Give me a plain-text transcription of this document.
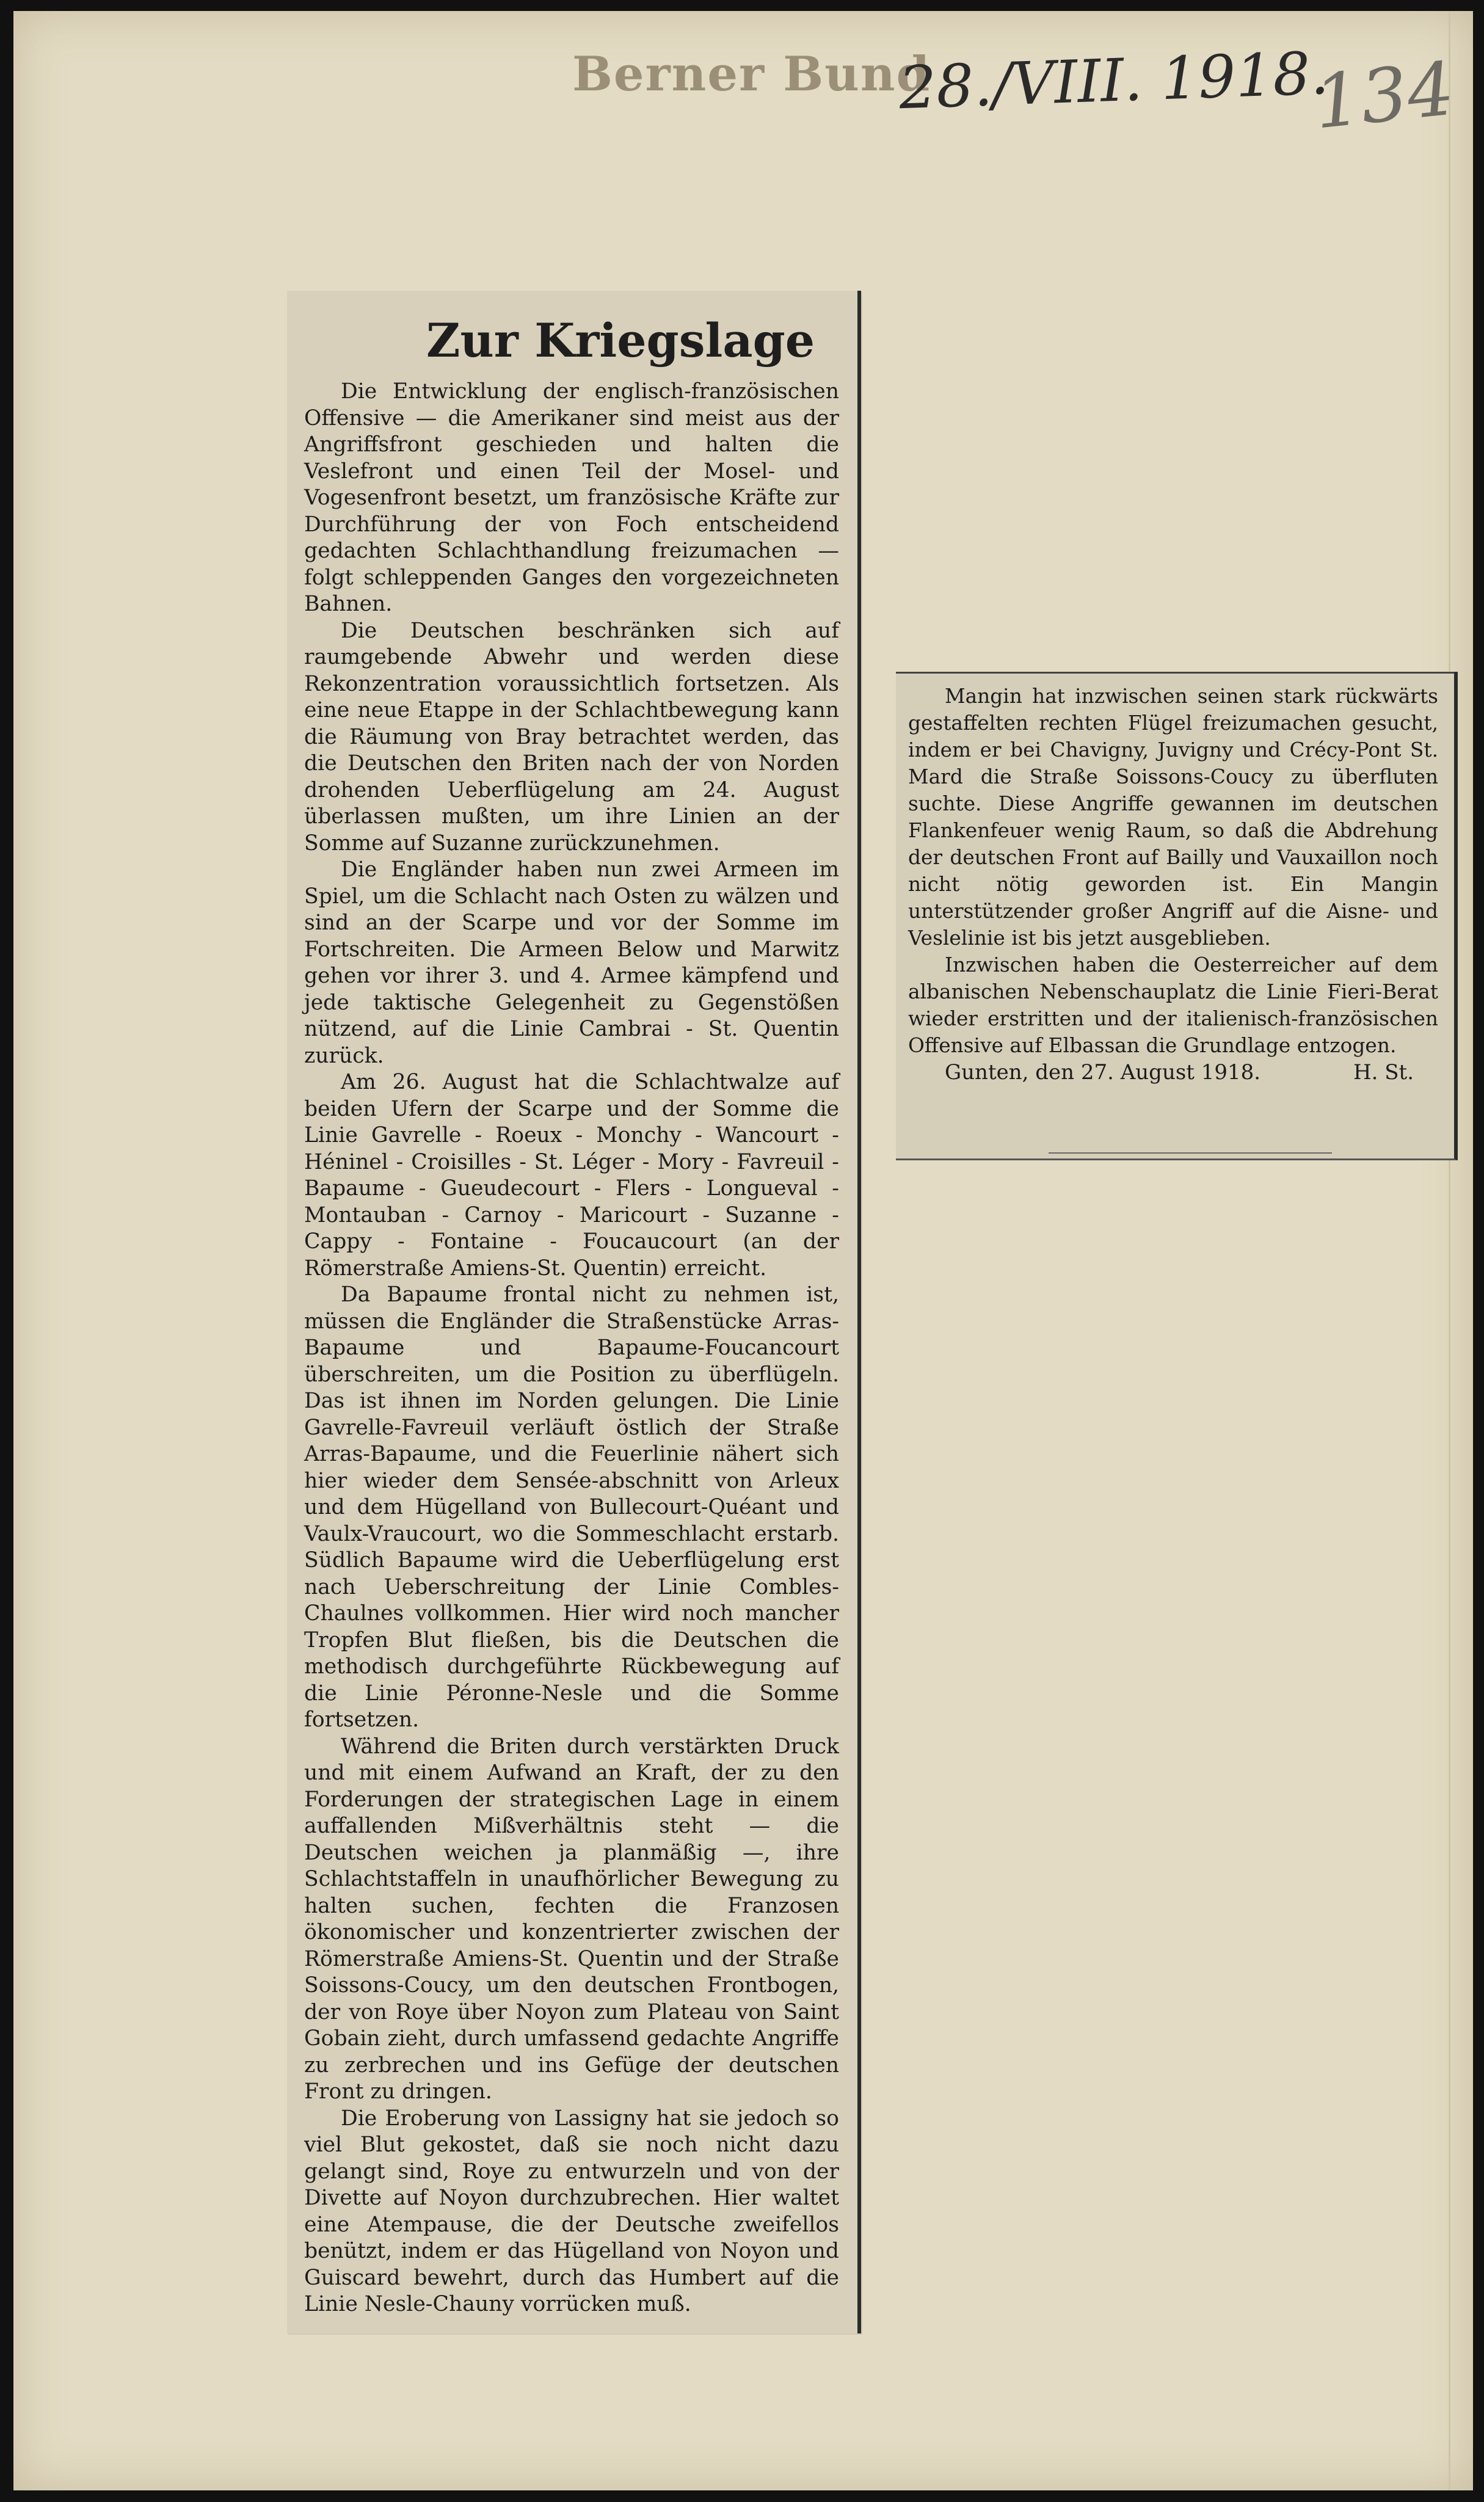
Berner Bund
28./VIII. 1918.
134
Zur Kriegslage

Die Entwicklung der englisch-französischen Offensive — die Amerikaner sind meist aus der Angriffsfront geschieden und halten die Veslefront und einen Teil der Mosel- und Vogesenfront besetzt, um französische Kräfte zur Durchführung der von Foch entscheidend gedachten Schlachthandlung freizumachen — folgt schleppenden Ganges den vorgezeichneten Bahnen.

Die Deutschen beschränken sich auf raumgebende Abwehr und werden diese Rekonzentration voraussichtlich fortsetzen. Als eine neue Etappe in der Schlachtbewegung kann die Räumung von Bray betrachtet werden, das die Deutschen den Briten nach der von Norden drohenden Ueberflügelung am 24. August überlassen mußten, um ihre Linien an der Somme auf Suzanne zurückzunehmen.

Die Engländer haben nun zwei Armeen im Spiel, um die Schlacht nach Osten zu wälzen und sind an der Scarpe und vor der Somme im Fortschreiten. Die Armeen Below und Marwitz gehen vor ihrer 3. und 4. Armee kämpfend und jede taktische Gelegenheit zu Gegenstößen nützend, auf die Linie Cambrai - St. Quentin zurück.

Am 26. August hat die Schlachtwalze auf beiden Ufern der Scarpe und der Somme die Linie Gavrelle - Roeux - Monchy - Wancourt - Héninel - Croisilles - St. Léger - Mory - Favreuil - Bapaume - Gueudecourt - Flers - Longueval - Montauban - Carnoy - Maricourt - Suzanne - Cappy - Fontaine - Foucaucourt (an der Römerstraße Amiens-St. Quentin) erreicht.

Da Bapaume frontal nicht zu nehmen ist, müssen die Engländer die Straßenstücke Arras-Bapaume und Bapaume-Foucancourt überschreiten, um die Position zu überflügeln. Das ist ihnen im Norden gelungen. Die Linie Gavrelle-Favreuil verläuft östlich der Straße Arras-Bapaume, und die Feuerlinie nähert sich hier wieder dem Sensée-abschnitt von Arleux und dem Hügelland von Bullecourt-Quéant und Vaulx-Vraucourt, wo die Sommeschlacht erstarb. Südlich Bapaume wird die Ueberflügelung erst nach Ueberschreitung der Linie Combles-Chaulnes vollkommen. Hier wird noch mancher Tropfen Blut fließen, bis die Deutschen die methodisch durchgeführte Rückbewegung auf die Linie Péronne-Nesle und die Somme fortsetzen.

Während die Briten durch verstärkten Druck und mit einem Aufwand an Kraft, der zu den Forderungen der strategischen Lage in einem auffallenden Mißverhältnis steht — die Deutschen weichen ja planmäßig —, ihre Schlachtstaffeln in unaufhörlicher Bewegung zu halten suchen, fechten die Franzosen ökonomischer und konzentrierter zwischen der Römerstraße Amiens-St. Quentin und der Straße Soissons-Coucy, um den deutschen Frontbogen, der von Roye über Noyon zum Plateau von Saint Gobain zieht, durch umfassend gedachte Angriffe zu zerbrechen und ins Gefüge der deutschen Front zu dringen.

Die Eroberung von Lassigny hat sie jedoch so viel Blut gekostet, daß sie noch nicht dazu gelangt sind, Roye zu entwurzeln und von der Divette auf Noyon durchzubrechen. Hier waltet eine Atempause, die der Deutsche zweifellos benützt, indem er das Hügelland von Noyon und Guiscard bewehrt, durch das Humbert auf die Linie Nesle-Chauny vorrücken muß.

Mangin hat inzwischen seinen stark rückwärts gestaffelten rechten Flügel freizumachen gesucht, indem er bei Chavigny, Juvigny und Crécy-Pont St. Mard die Straße Soissons-Coucy zu überfluten suchte. Diese Angriffe gewannen im deutschen Flankenfeuer wenig Raum, so daß die Abdrehung der deutschen Front auf Bailly und Vauxaillon noch nicht nötig geworden ist. Ein Mangin unterstützender großer Angriff auf die Aisne- und Veslelinie ist bis jetzt ausgeblieben.

Inzwischen haben die Oesterreicher auf dem albanischen Nebenschauplatz die Linie Fieri-Berat wieder erstritten und der italienisch-französischen Offensive auf Elbassan die Grundlage entzogen.

Gunten, den 27. August 1918.	H. St.
